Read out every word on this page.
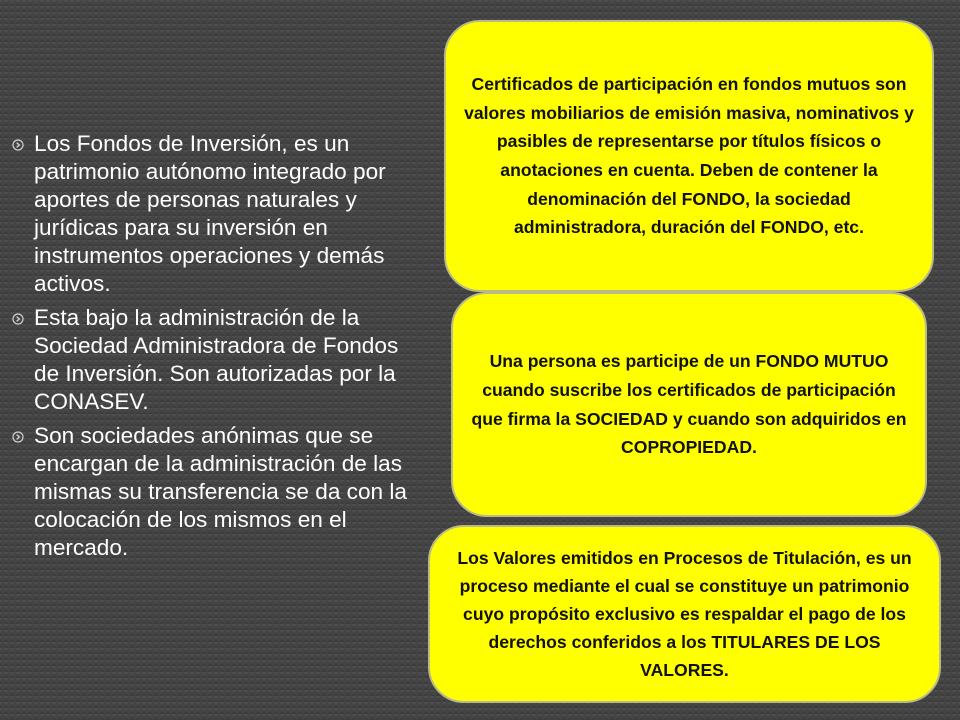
Los Fondos de Inversión, es un patrimonio autónomo integrado por aportes de personas naturales y jurídicas para su inversión en instrumentos operaciones y demás activos.
Esta bajo la administración de la Sociedad Administradora de Fondos de Inversión. Son autorizadas por la CONASEV.
Son sociedades anónimas que se encargan de la administración de las mismas su transferencia se da con la colocación de los mismos en el mercado.
Certificados de participación en fondos mutuos son valores mobiliarios de emisión masiva, nominativos y pasibles de representarse por títulos físicos o anotaciones en cuenta. Deben de contener la denominación del FONDO, la sociedad administradora, duración del FONDO, etc.
Una persona es participe de un FONDO MUTUO cuando suscribe los certificados de participación que firma la SOCIEDAD y cuando son adquiridos en COPROPIEDAD.
Los Valores emitidos en Procesos de Titulación, es un proceso mediante el cual se constituye un patrimonio cuyo propósito exclusivo es respaldar el pago de los derechos conferidos a los TITULARES DE LOS VALORES.
